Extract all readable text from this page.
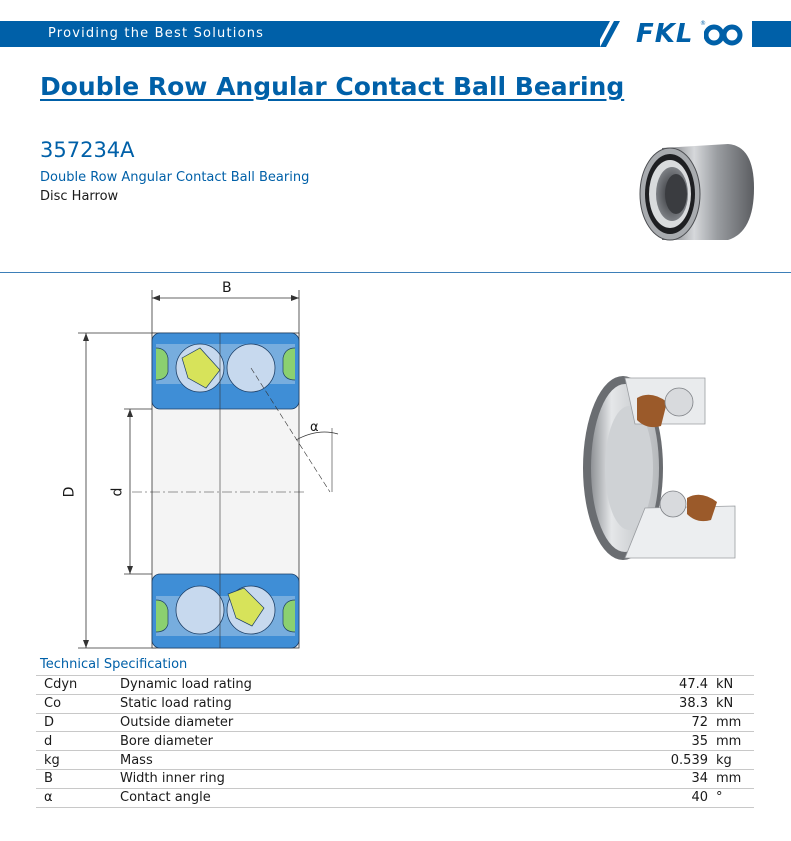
Providing the Best Solutions	FKL ®
Double Row Angular Contact Ball Bearing
357234A
Double Row Angular Contact Ball Bearing
Disc Harrow
B
D d
α
Technical Specification
Cdyn	Dynamic load rating	47.4	kN
Co	Static load rating	38.3	kN
D	Outside diameter	72	mm
d	Bore diameter	35	mm
kg	Mass	0.539	kg
B	Width inner ring	34	mm
α	Contact angle	40	°
